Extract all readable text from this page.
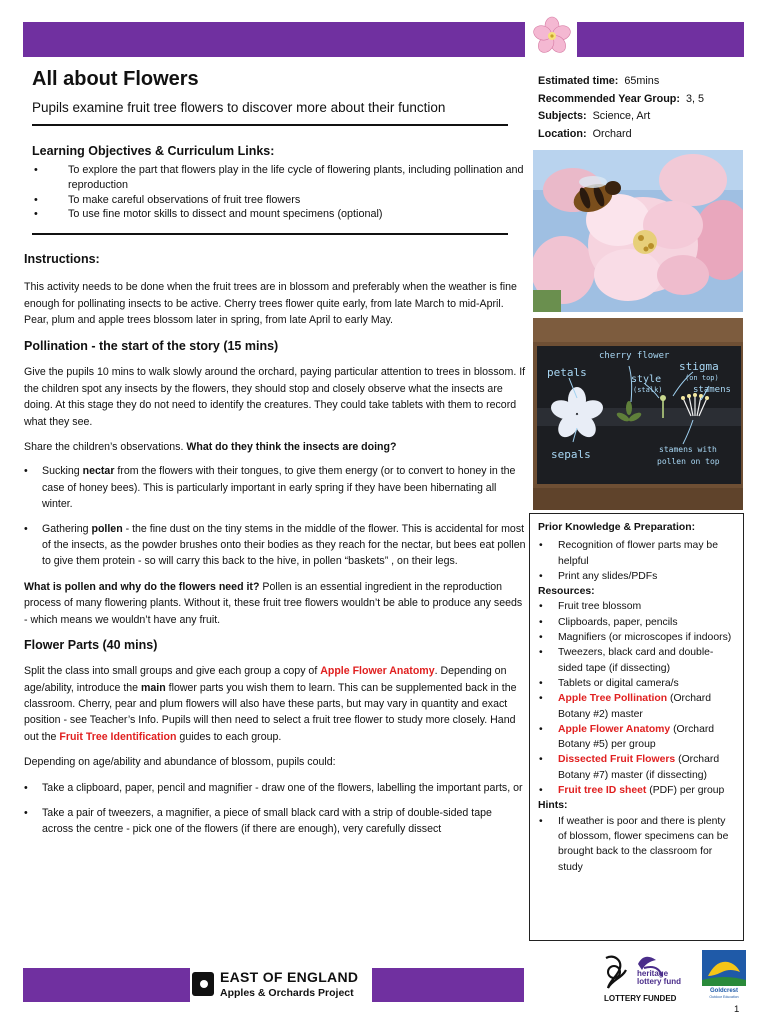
All about Flowers
Pupils examine fruit tree flowers to discover more about their function
Learning Objectives & Curriculum Links:
• To explore the part that flowers play in the life cycle of flowering plants, including pollination and reproduction
• To make careful observations of fruit tree flowers
• To use fine motor skills to dissect and mount specimens (optional)
Instructions:

This activity needs to be done when the fruit trees are in blossom and preferably when the weather is fine enough for pollinating insects to be active. Cherry trees flower quite early, from late March to mid-April. Pear, plum and apple trees blossom later in spring, from late April to early May.

Pollination - the start of the story (15 mins)

Give the pupils 10 mins to walk slowly around the orchard, paying particular attention to trees in blossom. If the children spot any insects by the flowers, they should stop and closely observe what the insects are doing. At this stage they do not need to identify the creatures. They could take tablets with them to record what they see.

Share the children’s observations. What do they think the insects are doing?

• Sucking nectar from the flowers with their tongues, to give them energy (or to convert to honey in the case of honey bees). This is particularly important in early spring if they have been hibernating all winter.
• Gathering pollen - the fine dust on the tiny stems in the middle of the flower. This is accidental for most of the insects, as the powder brushes onto their bodies as they reach for the nectar, but bees eat pollen to give them protein - so will carry this back to the hive, in pollen “baskets” , on their legs.

What is pollen and why do the flowers need it? Pollen is an essential ingredient in the reproduction process of many flowering plants. Without it, these fruit tree flowers wouldn’t be able to produce any seeds - which means we wouldn’t have any fruit.

Flower Parts (40 mins)

Split the class into small groups and give each group a copy of Apple Flower Anatomy. Depending on age/ability, introduce the main flower parts you wish them to learn. This can be supplemented back in the classroom. Cherry, pear and plum flowers will also have these parts, but may vary in quantity and exact position - see Teacher’s Info. Pupils will then need to select a fruit tree flower to study more closely. Hand out the Fruit Tree Identification guides to each group.

Depending on age/ability and abundance of blossom, pupils could:

• Take a clipboard, paper, pencil and magnifier - draw one of the flowers, labelling the important parts, or
• Take a pair of tweezers, a magnifier, a piece of small black card with a strip of double-sided tape across the centre - pick one of the flowers (if there are enough), very carefully dissect
Estimated time: 65mins
Recommended Year Group: 3, 5
Subjects: Science, Art
Location: Orchard
petals
cherry flower
stigma
(on top)
style
(stalk)	stamens
sepals	stamens with
pollen on top
Prior Knowledge & Preparation:
• Recognition of flower parts may be helpful
• Print any slides/PDFs
Resources:
• Fruit tree blossom
• Clipboards, paper, pencils
• Magnifiers (or microscopes if indoors)
• Tweezers, black card and double-sided tape (if dissecting)
• Tablets or digital camera/s
• Apple Tree Pollination (Orchard Botany #2) master
• Apple Flower Anatomy (Orchard Botany #5) per group
• Dissected Fruit Flowers (Orchard Botany #7) master (if dissecting)
• Fruit tree ID sheet (PDF) per group
Hints:
• If weather is poor and there is plenty of blossom, flower specimens can be brought back to the classroom for study
EAST OF ENGLAND
Apples & Orchards Project
heritage
lottery fund
LOTTERY FUNDED
Goldcrest
Outdoor Education
1
